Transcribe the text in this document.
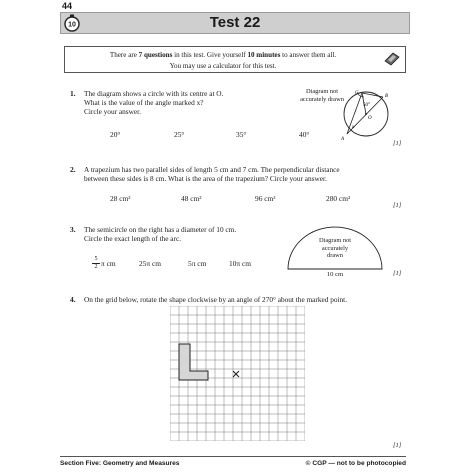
44
Test 22
10
There are 7 questions in this test. Give yourself 10 minutes to answer them all.
You may use a calculator for this test.
1. The diagram shows a circle with its centre at O.
What is the value of the angle marked x?
Circle your answer.
20°	25°	35°	40°
[1]
Diagram not
accurately drawn
C
B
A
O
50°
x
2. A trapezium has two parallel sides of length 5 cm and 7 cm. The perpendicular distance
between these sides is 8 cm. What is the area of the trapezium? Circle your answer.
28 cm²	48 cm²	96 cm²	280 cm²
[1]
3. The semicircle on the right has a diameter of 10 cm.
Circle the exact length of the arc.
5
2 π cm	25π cm	5π cm	10π cm
[1]
Diagram not
accurately
drawn
10 cm
4. On the grid below, rotate the shape clockwise by an angle of 270° about the marked point.
[1]
Section Five: Geometry and Measures	© CGP — not to be photocopied
